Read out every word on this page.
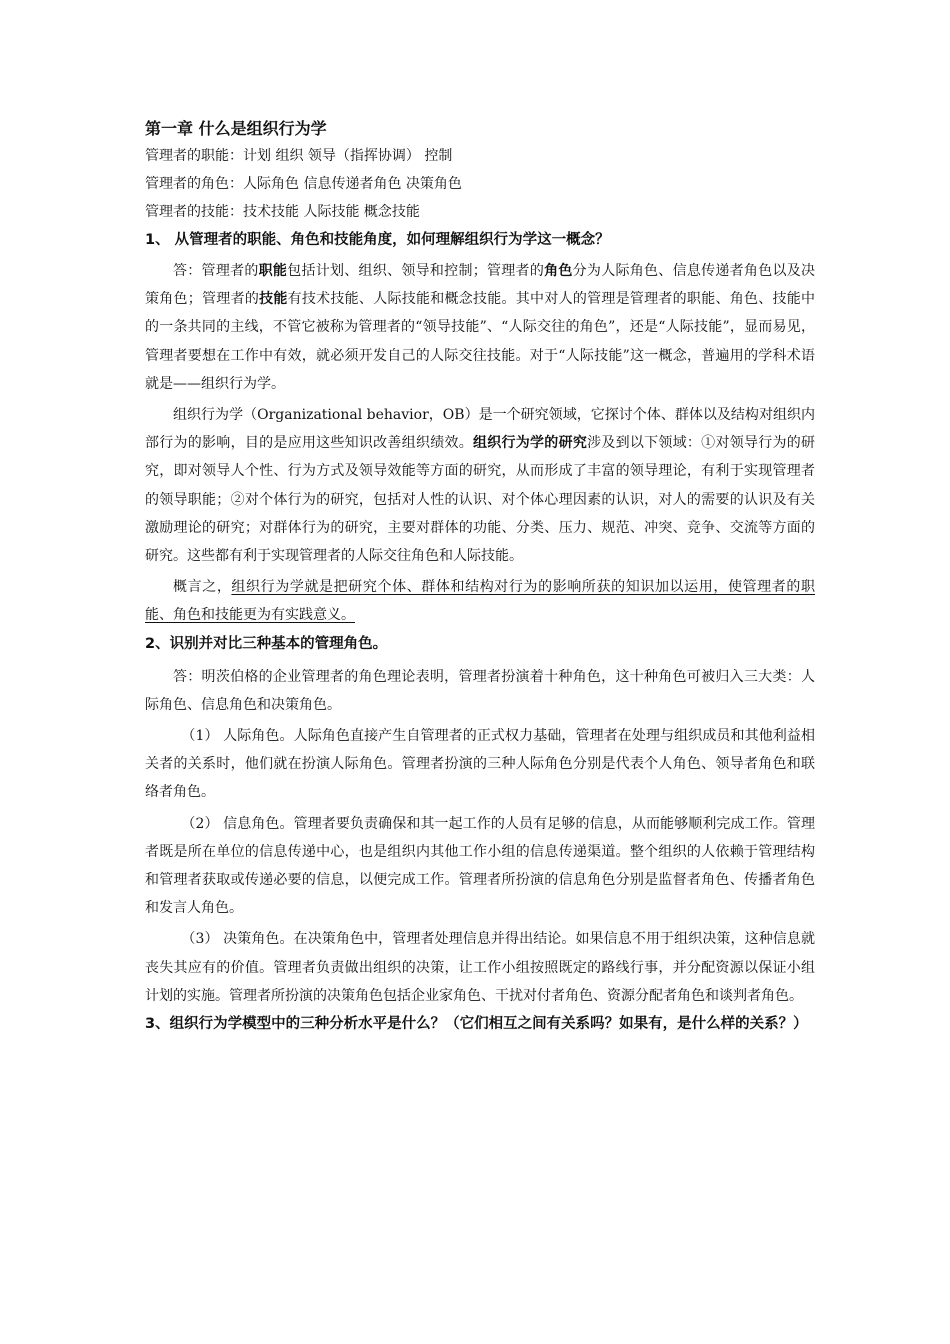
第一章 什么是组织行为学

管理者的职能：计划 组织 领导（指挥协调） 控制

管理者的角色：人际角色 信息传递者角色 决策角色

管理者的技能：技术技能 人际技能 概念技能

1、 从管理者的职能、角色和技能角度，如何理解组织行为学这一概念？

答：管理者的职能包括计划、组织、领导和控制；管理者的角色分为人际角色、信息传递者角色以及决策角色；管理者的技能有技术技能、人际技能和概念技能。其中对人的管理是管理者的职能、角色、技能中的一条共同的主线，不管它被称为管理者的“领导技能”、“人际交往的角色”，还是“人际技能”，显而易见，管理者要想在工作中有效，就必须开发自己的人际交往技能。对于“人际技能”这一概念，普遍用的学科术语就是——组织行为学。

组织行为学（Organizational behavior，OB）是一个研究领域，它探讨个体、群体以及结构对组织内部行为的影响，目的是应用这些知识改善组织绩效。组织行为学的研究涉及到以下领域：①对领导行为的研究，即对领导人个性、行为方式及领导效能等方面的研究，从而形成了丰富的领导理论，有利于实现管理者的领导职能；②对个体行为的研究，包括对人性的认识、对个体心理因素的认识，对人的需要的认识及有关激励理论的研究；对群体行为的研究，主要对群体的功能、分类、压力、规范、冲突、竞争、交流等方面的研究。这些都有利于实现管理者的人际交往角色和人际技能。

概言之，组织行为学就是把研究个体、群体和结构对行为的影响所获的知识加以运用，使管理者的职能、角色和技能更为有实践意义。

2、识别并对比三种基本的管理角色。

答：明茨伯格的企业管理者的角色理论表明，管理者扮演着十种角色，这十种角色可被归入三大类：人际角色、信息角色和决策角色。

（1） 人际角色。人际角色直接产生自管理者的正式权力基础，管理者在处理与组织成员和其他利益相关者的关系时，他们就在扮演人际角色。管理者扮演的三种人际角色分别是代表个人角色、领导者角色和联络者角色。

（2） 信息角色。管理者要负责确保和其一起工作的人员有足够的信息，从而能够顺利完成工作。管理者既是所在单位的信息传递中心，也是组织内其他工作小组的信息传递渠道。整个组织的人依赖于管理结构和管理者获取或传递必要的信息，以便完成工作。管理者所扮演的信息角色分别是监督者角色、传播者角色和发言人角色。

（3） 决策角色。在决策角色中，管理者处理信息并得出结论。如果信息不用于组织决策，这种信息就丧失其应有的价值。管理者负责做出组织的决策，让工作小组按照既定的路线行事，并分配资源以保证小组计划的实施。管理者所扮演的决策角色包括企业家角色、干扰对付者角色、资源分配者角色和谈判者角色。

3、组织行为学模型中的三种分析水平是什么？（它们相互之间有关系吗？如果有，是什么样的关系？）
